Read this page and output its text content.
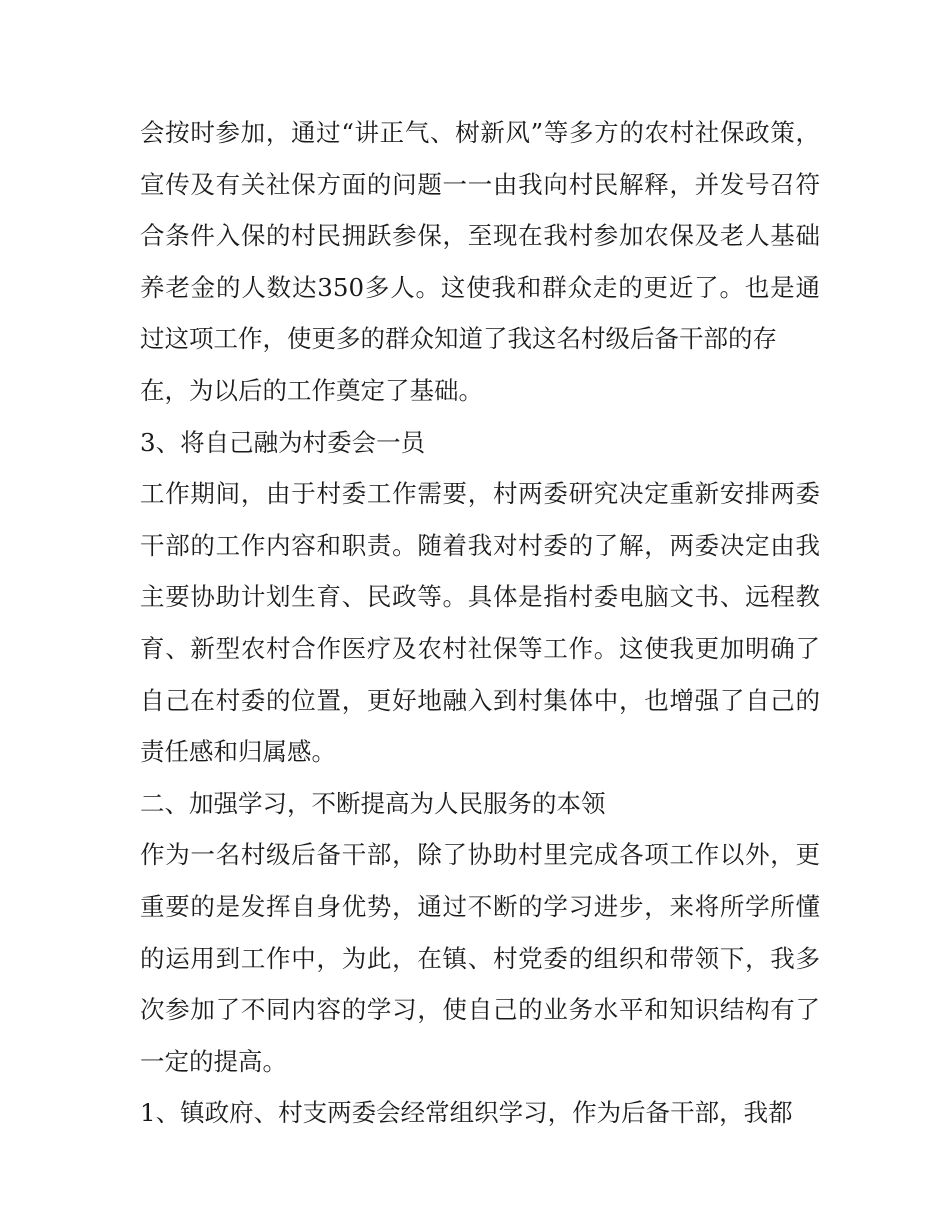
会按时参加，通过“讲正气、树新风”等多方的农村社保政策，
宣传及有关社保方面的问题一一由我向村民解释，并发号召符
合条件入保的村民拥跃参保，至现在我村参加农保及老人基础
养老金的人数达350多人。这使我和群众走的更近了。也是通
过这项工作，使更多的群众知道了我这名村级后备干部的存
在，为以后的工作奠定了基础。
3、将自己融为村委会一员
工作期间，由于村委工作需要，村两委研究决定重新安排两委
干部的工作内容和职责。随着我对村委的了解，两委决定由我
主要协助计划生育、民政等。具体是指村委电脑文书、远程教
育、新型农村合作医疗及农村社保等工作。这使我更加明确了
自己在村委的位置，更好地融入到村集体中，也增强了自己的
责任感和归属感。
二、加强学习，不断提高为人民服务的本领
作为一名村级后备干部，除了协助村里完成各项工作以外，更
重要的是发挥自身优势，通过不断的学习进步，来将所学所懂
的运用到工作中，为此，在镇、村党委的组织和带领下，我多
次参加了不同内容的学习，使自己的业务水平和知识结构有了
一定的提高。
1、镇政府、村支两委会经常组织学习，作为后备干部，我都
